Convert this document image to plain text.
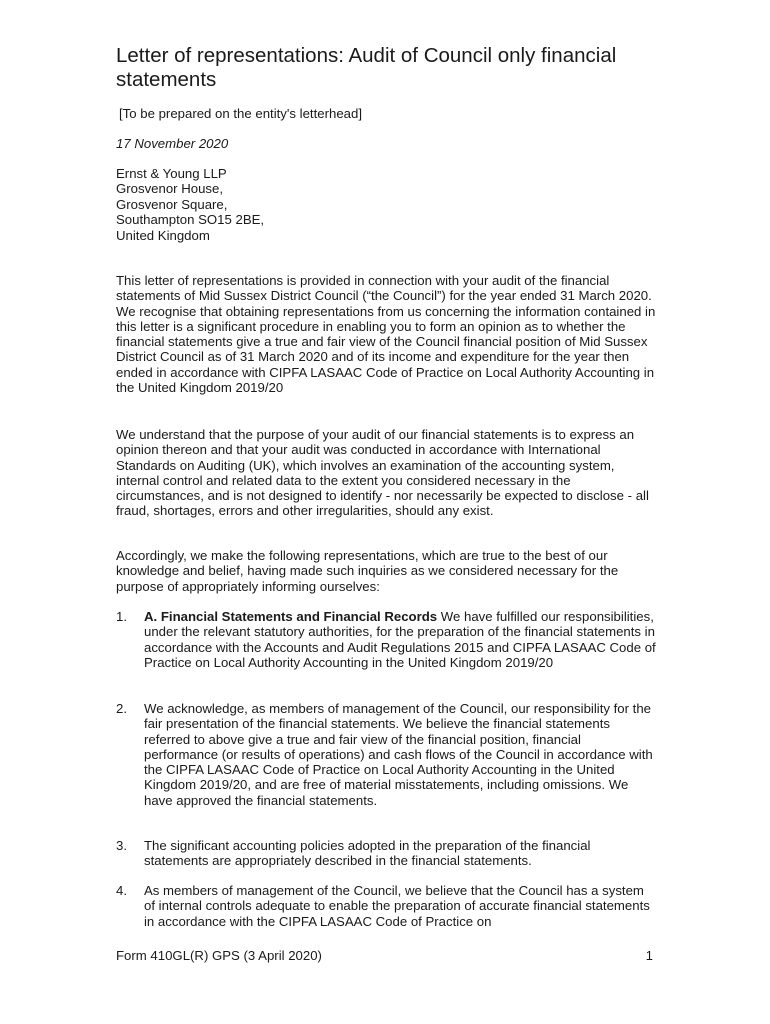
Letter of representations: Audit of Council only financial statements
[To be prepared on the entity's letterhead]
17 November 2020
Ernst & Young LLP
Grosvenor House,
Grosvenor Square,
Southampton SO15 2BE,
United Kingdom

This letter of representations is provided in connection with your audit of the financial statements of Mid Sussex District Council (“the Council”) for the year ended 31 March 2020. We recognise that obtaining representations from us concerning the information contained in this letter is a significant procedure in enabling you to form an opinion as to whether the financial statements give a true and fair view of the Council financial position of Mid Sussex District Council as of 31 March 2020 and of its income and expenditure for the year then ended in accordance with CIPFA LASAAC Code of Practice on Local Authority Accounting in the United Kingdom 2019/20

We understand that the purpose of your audit of our financial statements is to express an opinion thereon and that your audit was conducted in accordance with International Standards on Auditing (UK), which involves an examination of the accounting system, internal control and related data to the extent you considered necessary in the circumstances, and is not designed to identify - nor necessarily be expected to disclose - all fraud, shortages, errors and other irregularities, should any exist.

Accordingly, we make the following representations, which are true to the best of our knowledge and belief, having made such inquiries as we considered necessary for the purpose of appropriately informing ourselves:

1. A. Financial Statements and Financial Records We have fulfilled our responsibilities, under the relevant statutory authorities, for the preparation of the financial statements in accordance with the Accounts and Audit Regulations 2015 and CIPFA LASAAC Code of Practice on Local Authority Accounting in the United Kingdom 2019/20
2. We acknowledge, as members of management of the Council, our responsibility for the fair presentation of the financial statements. We believe the financial statements referred to above give a true and fair view of the financial position, financial performance (or results of operations) and cash flows of the Council in accordance with the CIPFA LASAAC Code of Practice on Local Authority Accounting in the United Kingdom 2019/20, and are free of material misstatements, including omissions. We have approved the financial statements.
3. The significant accounting policies adopted in the preparation of the financial statements are appropriately described in the financial statements.
4. As members of management of the Council, we believe that the Council has a system of internal controls adequate to enable the preparation of accurate financial statements in accordance with the CIPFA LASAAC Code of Practice on
Form 410GL(R) GPS (3 April 2020)	1
